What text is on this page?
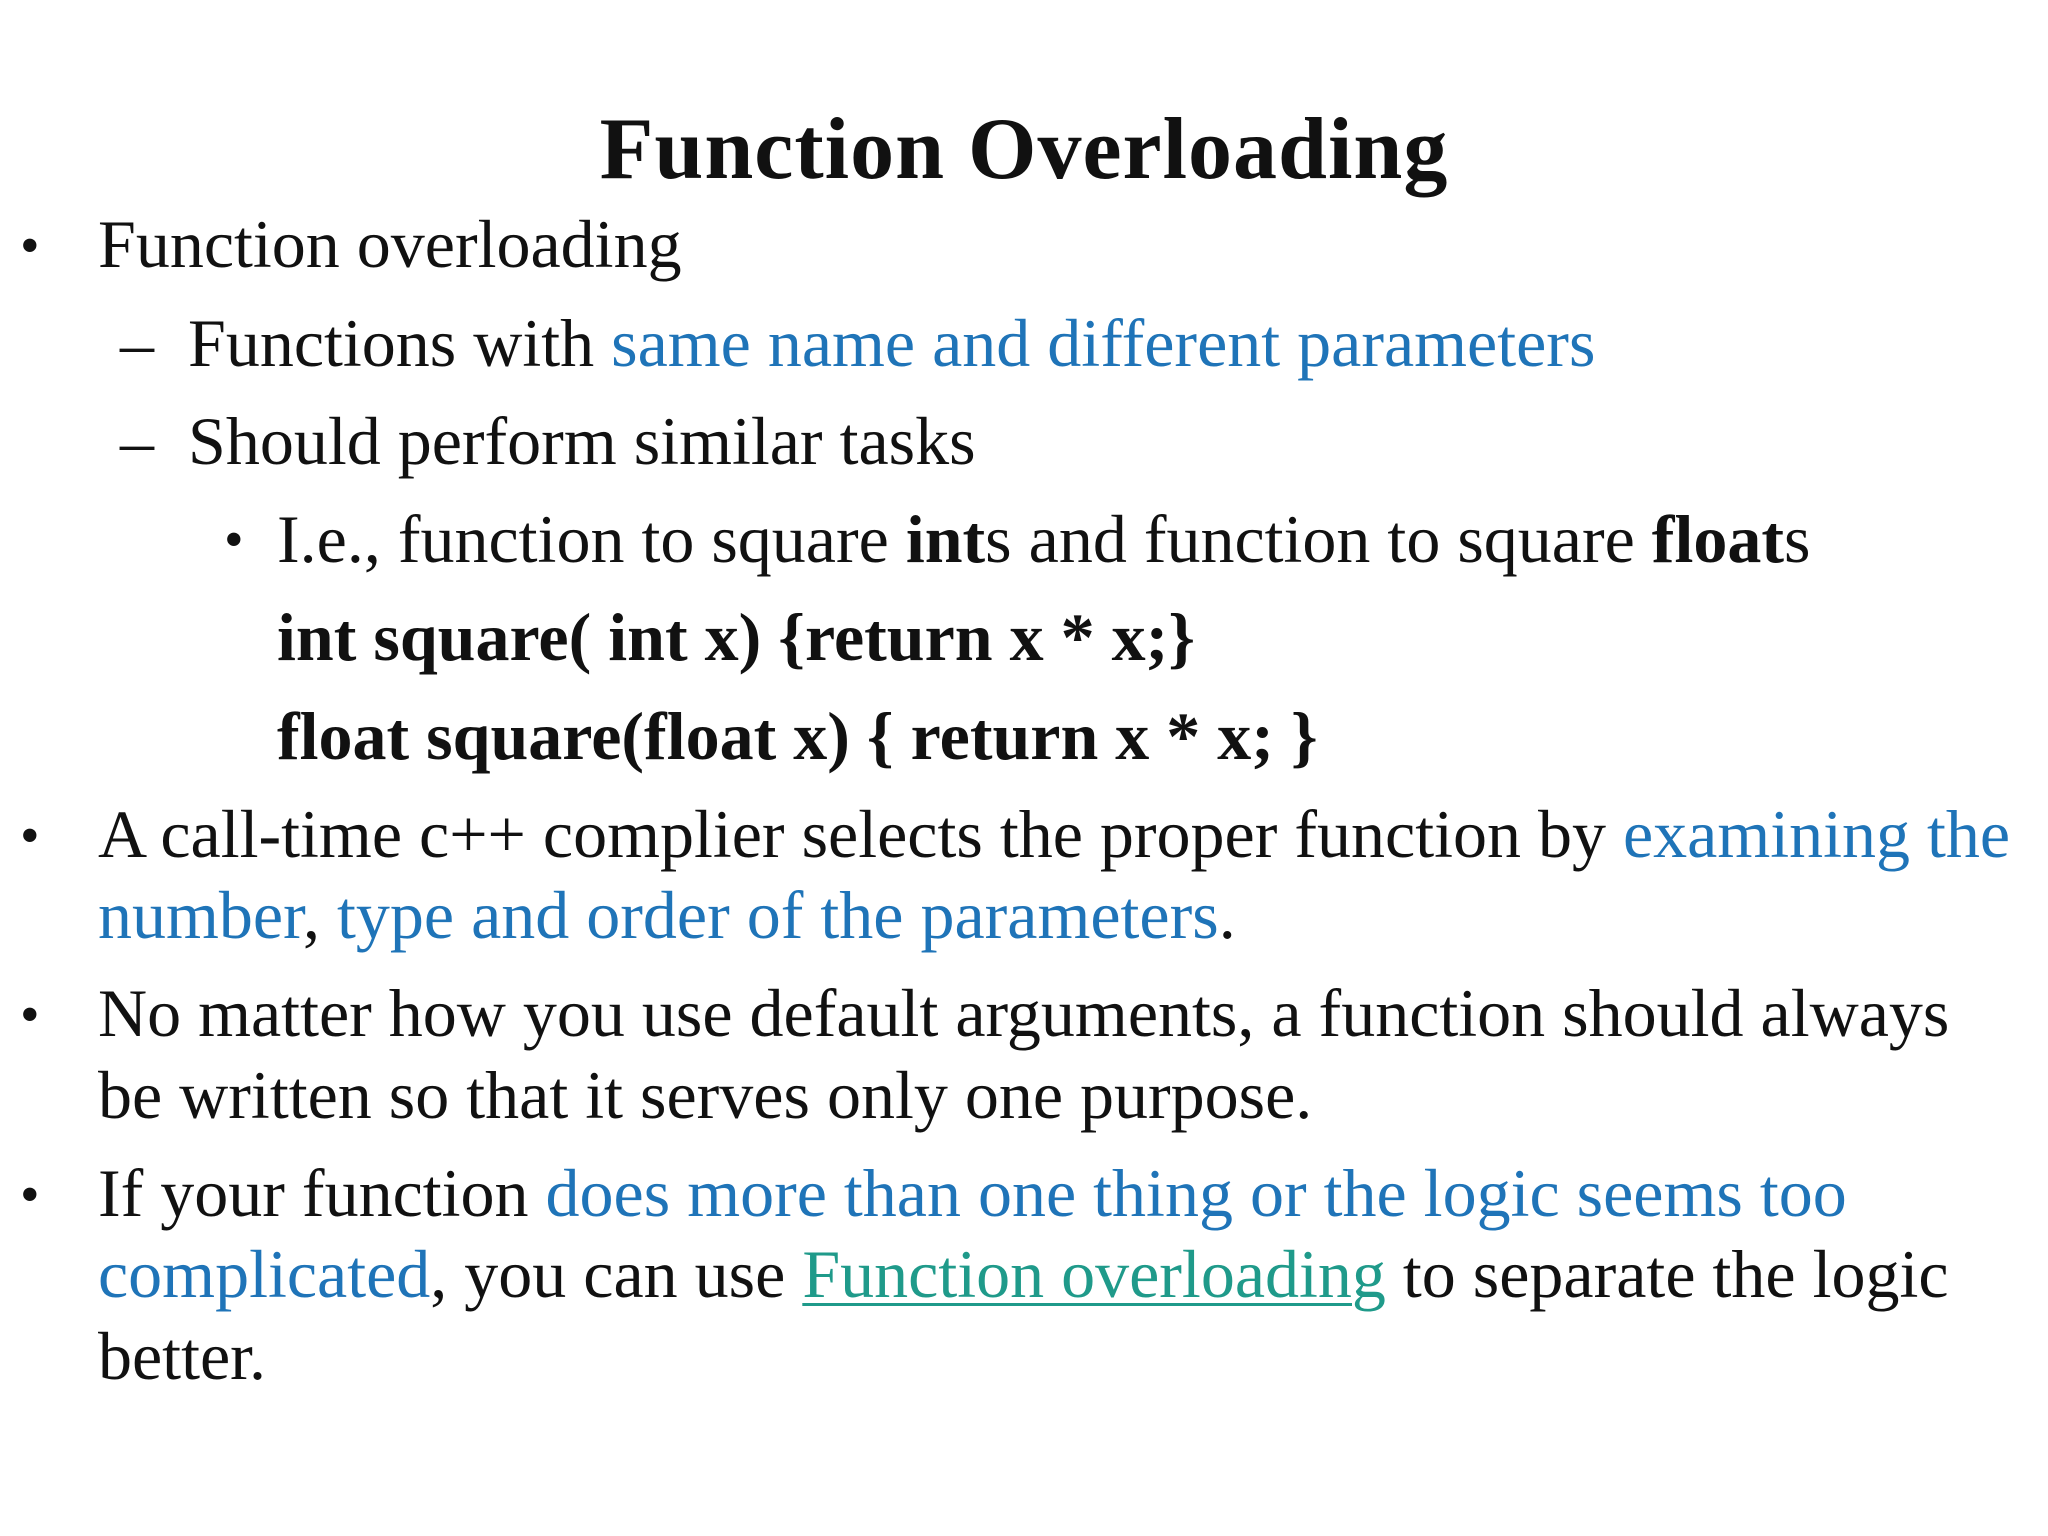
Function Overloading
• Function overloading
– Functions with same name and different parameters
– Should perform similar tasks
• I.e., function to square ints and function to square floats
int square( int x) {return x * x;}
float square(float x) { return x * x; }
• A call-time c++ complier selects the proper function by examining the
number, type and order of the parameters.
• No matter how you use default arguments, a function should always
be written so that it serves only one purpose.
• If your function does more than one thing or the logic seems too
complicated, you can use Function overloading to separate the logic
better.
